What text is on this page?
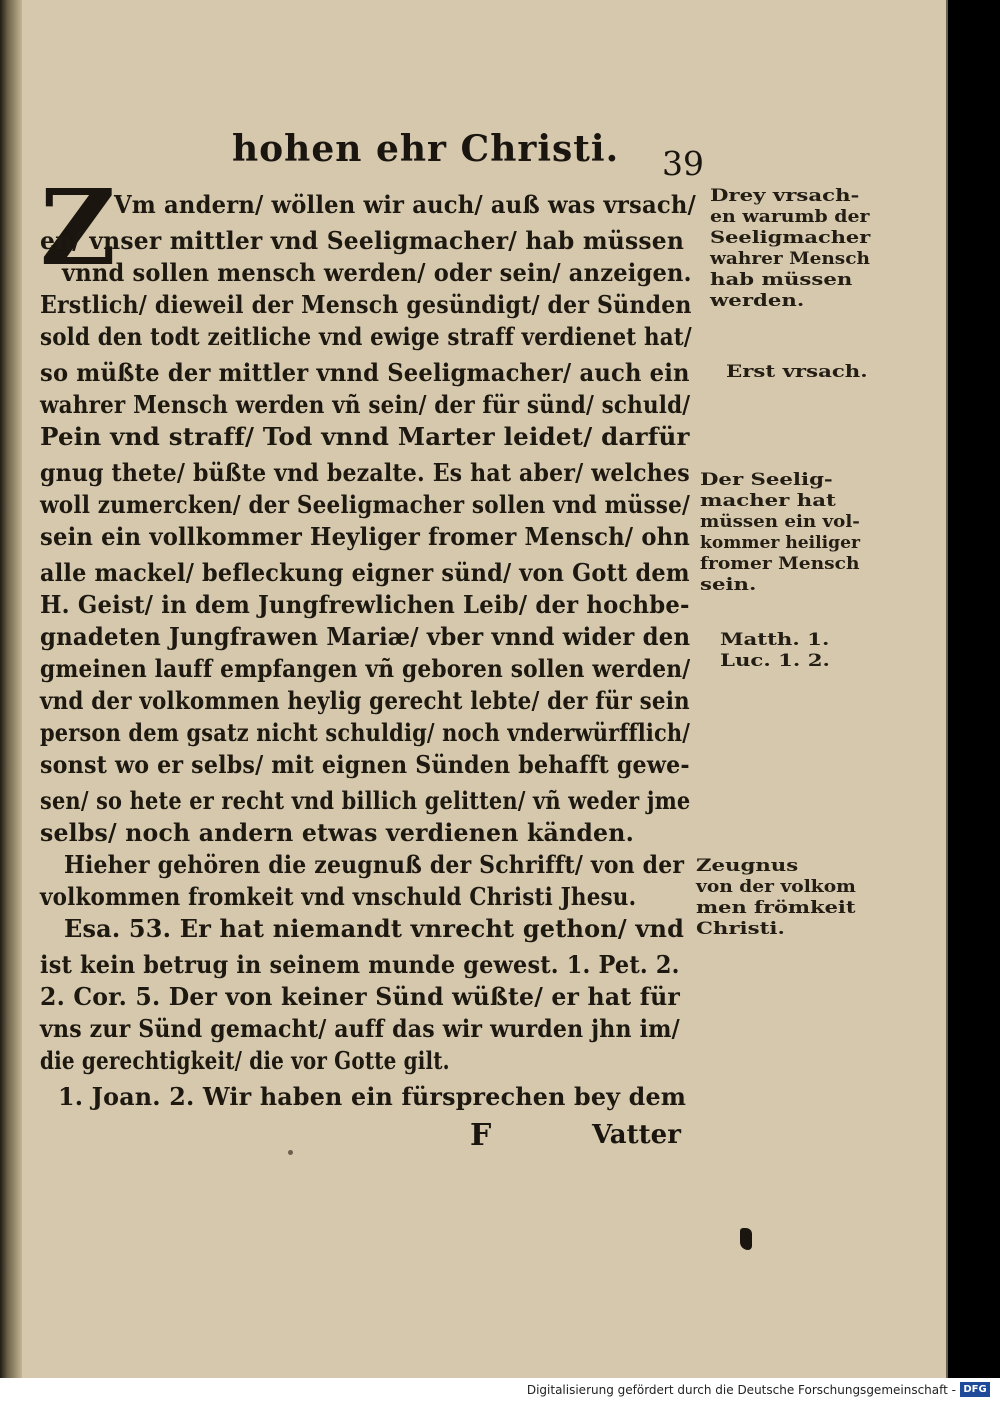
hohen ehr Christi. 39
Z
Vm andern/ wöllen wir auch/ auß was vrsach/
en/ vnser mittler vnd Seeligmacher/ hab müssen
vnnd sollen mensch werden/ oder sein/ anzeigen.
Erstlich/ dieweil der Mensch gesündigt/ der Sünden
sold den todt zeitliche vnd ewige straff verdienet hat/
so müßte der mittler vnnd Seeligmacher/ auch ein
wahrer Mensch werden vñ sein/ der für sünd/ schuld/
Pein vnd straff/ Tod vnnd Marter leidet/ darfür
gnug thete/ büßte vnd bezalte. Es hat aber/ welches
woll zumercken/ der Seeligmacher sollen vnd müsse/
sein ein vollkommer Heyliger fromer Mensch/ ohn
alle mackel/ befleckung eigner sünd/ von Gott dem
H. Geist/ in dem Jungfrewlichen Leib/ der hochbe-
gnadeten Jungfrawen Mariæ/ vber vnnd wider den
gmeinen lauff empfangen vñ geboren sollen werden/
vnd der volkommen heylig gerecht lebte/ der für sein
person dem gsatz nicht schuldig/ noch vnderwürfflich/
sonst wo er selbs/ mit eignen Sünden behafft gewe-
sen/ so hete er recht vnd billich gelitten/ vñ weder jme
selbs/ noch andern etwas verdienen känden.
Hieher gehören die zeugnuß der Schrifft/ von der
volkommen fromkeit vnd vnschuld Christi Jhesu.
Esa. 53. Er hat niemandt vnrecht gethon/ vnd
ist kein betrug in seinem munde gewest. 1. Pet. 2.
2. Cor. 5. Der von keiner Sünd wüßte/ er hat für
vns zur Sünd gemacht/ auff das wir wurden jhn im/
die gerechtigkeit/ die vor Gotte gilt.
1. Joan. 2. Wir haben ein fürsprechen bey dem
Drey vrsach-
en warumb der
Seeligmacher
wahrer Mensch
hab müssen
werden.
Erst vrsach.
Der Seelig-
macher hat
müssen ein vol-
kommer heiliger
fromer Mensch
sein.
Matth. 1.
Luc. 1. 2.
Zeugnus
von der volkom
men frömkeit
Christi.
F	Vatter
Digitalisierung gefördert durch die Deutsche Forschungsgemeinschaft - DFG
